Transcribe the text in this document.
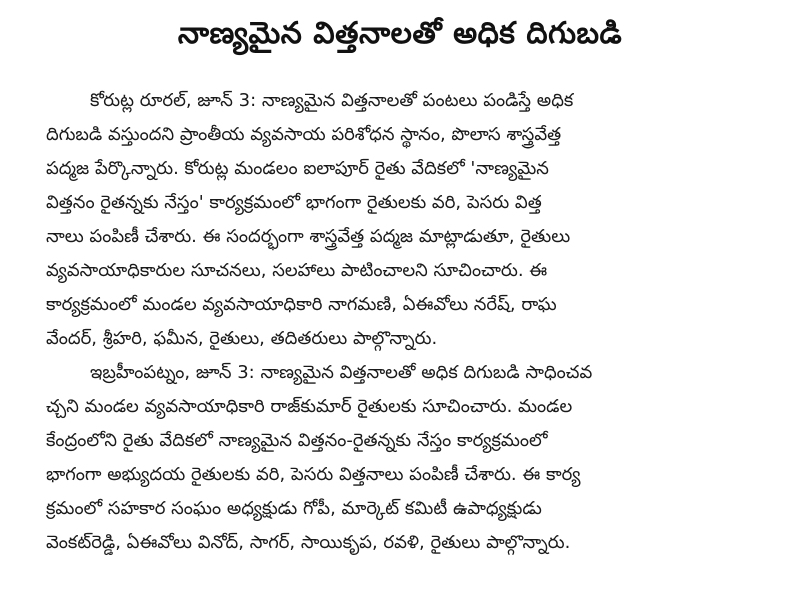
నాణ్యమైన విత్తనాలతో అధిక దిగుబడి
కోరుట్ల రూరల్, జూన్ 3: నాణ్యమైన విత్తనాలతో పంటలు పండిస్తే అధిక
దిగుబడి వస్తుందని ప్రాంతీయ వ్యవసాయ పరిశోధన స్థానం, పొలాస శాస్త్రవేత్త
పద్మజ పేర్కొన్నారు. కోరుట్ల మండలం ఐలాపూర్ రైతు వేదికలో 'నాణ్యమైన
విత్తనం రైతన్నకు నేస్తం' కార్యక్రమంలో భాగంగా రైతులకు వరి, పెసరు విత్త
నాలు పంపిణీ చేశారు. ఈ సందర్భంగా శాస్త్రవేత్త పద్మజ మాట్లాడుతూ, రైతులు
వ్యవసాయాధికారుల సూచనలు, సలహాలు పాటించాలని సూచించారు. ఈ
కార్యక్రమంలో మండల వ్యవసాయాధికారి నాగమణి, ఏఈవోలు నరేష్, రాఘ
వేందర్, శ్రీహరి, ఫమీన, రైతులు, తదితరులు పాల్గొన్నారు.
ఇబ్రహీంపట్నం, జూన్ 3: నాణ్యమైన విత్తనాలతో అధిక దిగుబడి సాధించవ
చ్చని మండల వ్యవసాయాధికారి రాజ్‌కుమార్ రైతులకు సూచించారు. మండల
కేంద్రంలోని రైతు వేదికలో నాణ్యమైన విత్తనం-రైతన్నకు నేస్తం కార్యక్రమంలో
భాగంగా అభ్యుదయ రైతులకు వరి, పెసరు విత్తనాలు పంపిణీ చేశారు. ఈ కార్య
క్రమంలో సహకార సంఘం అధ్యక్షుడు గోపీ, మార్కెట్ కమిటీ ఉపాధ్యక్షుడు
వెంకట్‌రెడ్డి, ఏఈవోలు వినోద్, సాగర్, సాయికృప, రవళి, రైతులు పాల్గొన్నారు.
